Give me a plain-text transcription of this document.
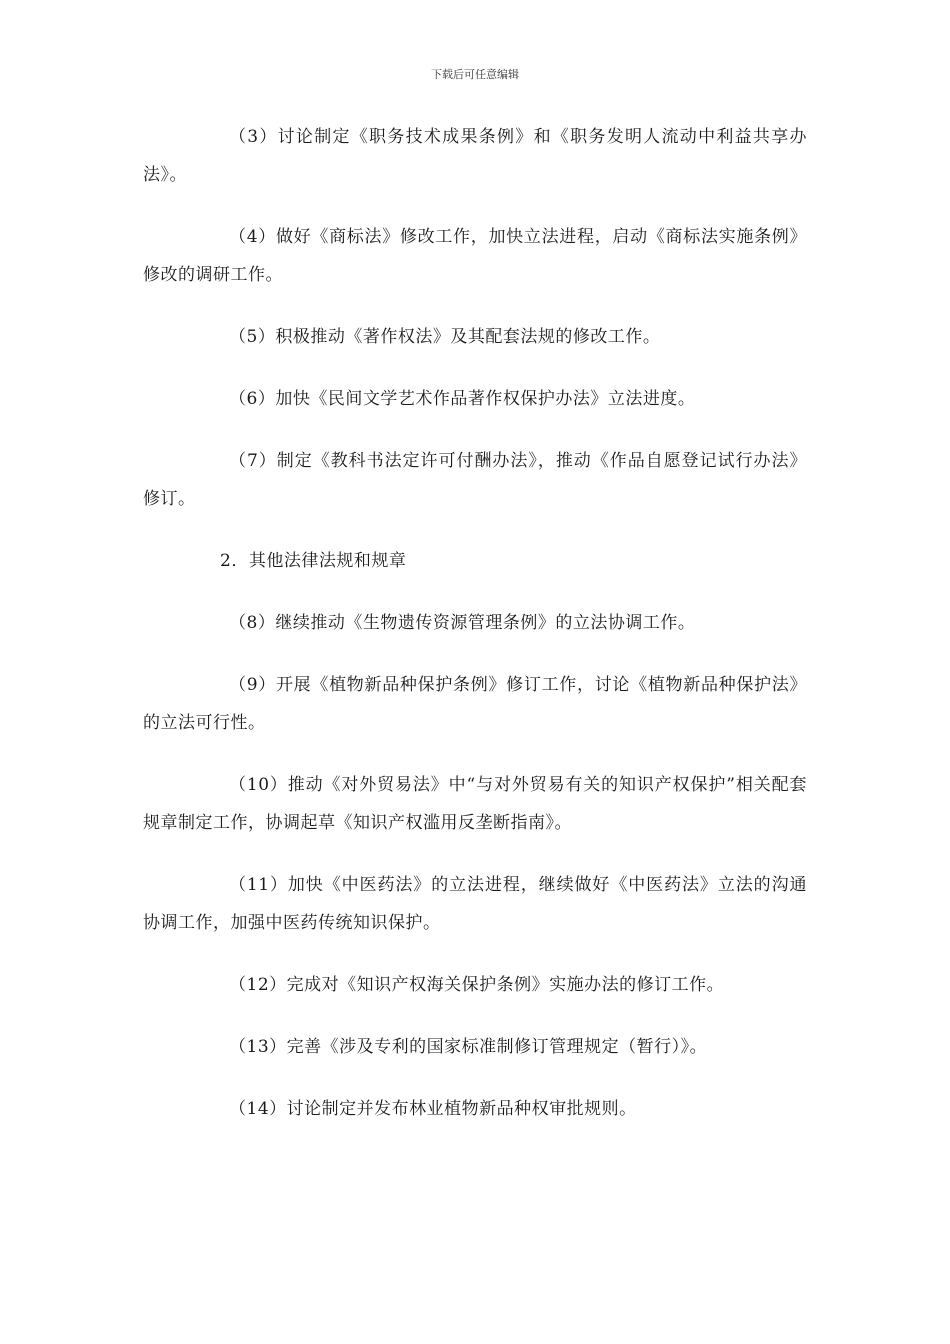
下载后可任意编辑

（3）讨论制定《职务技术成果条例》和《职务发明人流动中利益共享办法》。

（4）做好《商标法》修改工作，加快立法进程，启动《商标法实施条例》修改的调研工作。

（5）积极推动《著作权法》及其配套法规的修改工作。

（6）加快《民间文学艺术作品著作权保护办法》立法进度。

（7）制定《教科书法定许可付酬办法》，推动《作品自愿登记试行办法》修订。

2．其他法律法规和规章

（8）继续推动《生物遗传资源管理条例》的立法协调工作。

（9）开展《植物新品种保护条例》修订工作，讨论《植物新品种保护法》的立法可行性。

（10）推动《对外贸易法》中“与对外贸易有关的知识产权保护”相关配套规章制定工作，协调起草《知识产权滥用反垄断指南》。

（11）加快《中医药法》的立法进程，继续做好《中医药法》立法的沟通协调工作，加强中医药传统知识保护。

（12）完成对《知识产权海关保护条例》实施办法的修订工作。

（13）完善《涉及专利的国家标准制修订管理规定（暂行）》。

（14）讨论制定并发布林业植物新品种权审批规则。
